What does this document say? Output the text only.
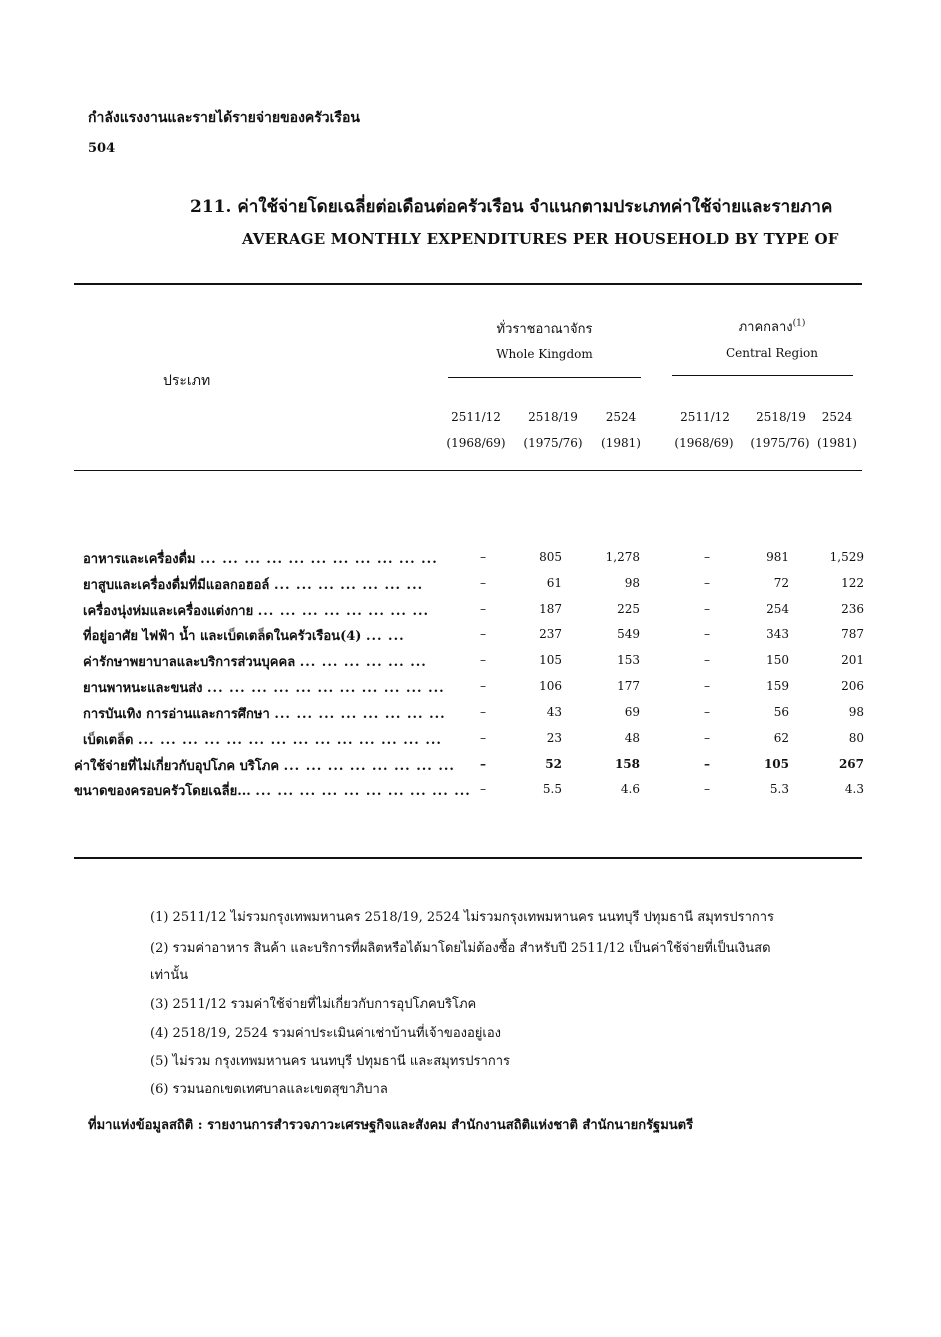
กำลังแรงงานและรายได้รายจ่ายของครัวเรือน
504
211. ค่าใช้จ่ายโดยเฉลี่ยต่อเดือนต่อครัวเรือน จำแนกตามประเภทค่าใช้จ่ายและรายภาค
AVERAGE MONTHLY EXPENDITURES PER HOUSEHOLD BY TYPE OF
ประเภท
ทั่วราชอาณาจักร
Whole Kingdom
ภาคกลาง$^{(1)}$
Central Region
2511/12
(1968/69)
2518/19
(1975/76)
2524
(1981)
2511/12
(1968/69)
2518/19
(1975/76)
2524
(1981)
อาหารและเครื่องดื่ม ... ... ... ... ... ... ... ... ... ... ...	–	805	1,278	–	981	1,529
ยาสูบและเครื่องดื่มที่มีแอลกอฮอล์ ... ... ... ... ... ... ...	–	61	98	–	72	122
เครื่องนุ่งห่มและเครื่องแต่งกาย ... ... ... ... ... ... ... ...	–	187	225	–	254	236
ที่อยู่อาศัย ไฟฟ้า น้ำ และเบ็ดเตล็ดในครัวเรือน(4) ... ...	–	237	549	–	343	787
ค่ารักษาพยาบาลและบริการส่วนบุคคล ... ... ... ... ... ...	–	105	153	–	150	201
ยานพาหนะและขนส่ง ... ... ... ... ... ... ... ... ... ... ...	–	106	177	–	159	206
การบันเทิง การอ่านและการศึกษา ... ... ... ... ... ... ... ...	–	43	69	–	56	98
เบ็ดเตล็ด ... ... ... ... ... ... ... ... ... ... ... ... ... ...	–	23	48	–	62	80
ค่าใช้จ่ายที่ไม่เกี่ยวกับอุปโภค บริโภค ... ... ... ... ... ... ... ...	–	52	158	–	105	267
ขนาดของครอบครัวโดยเฉลี่ย... ... ... ... ... ... ... ... ... ... ... –	5.5	4.6	–	5.3	4.3
(1) 2511/12 ไม่รวมกรุงเทพมหานคร 2518/19, 2524 ไม่รวมกรุงเทพมหานคร นนทบุรี ปทุมธานี สมุทรปราการ
(2) รวมค่าอาหาร สินค้า และบริการที่ผลิตหรือได้มาโดยไม่ต้องซื้อ สำหรับปี 2511/12 เป็นค่าใช้จ่ายที่เป็นเงินสด
เท่านั้น
(3) 2511/12 รวมค่าใช้จ่ายที่ไม่เกี่ยวกับการอุปโภคบริโภค
(4) 2518/19, 2524 รวมค่าประเมินค่าเช่าบ้านที่เจ้าของอยู่เอง
(5) ไม่รวม กรุงเทพมหานคร นนทบุรี ปทุมธานี และสมุทรปราการ
(6) รวมนอกเขตเทศบาลและเขตสุขาภิบาล
ที่มาแห่งข้อมูลสถิติ : รายงานการสำรวจภาวะเศรษฐกิจและสังคม สำนักงานสถิติแห่งชาติ สำนักนายกรัฐมนตรี
